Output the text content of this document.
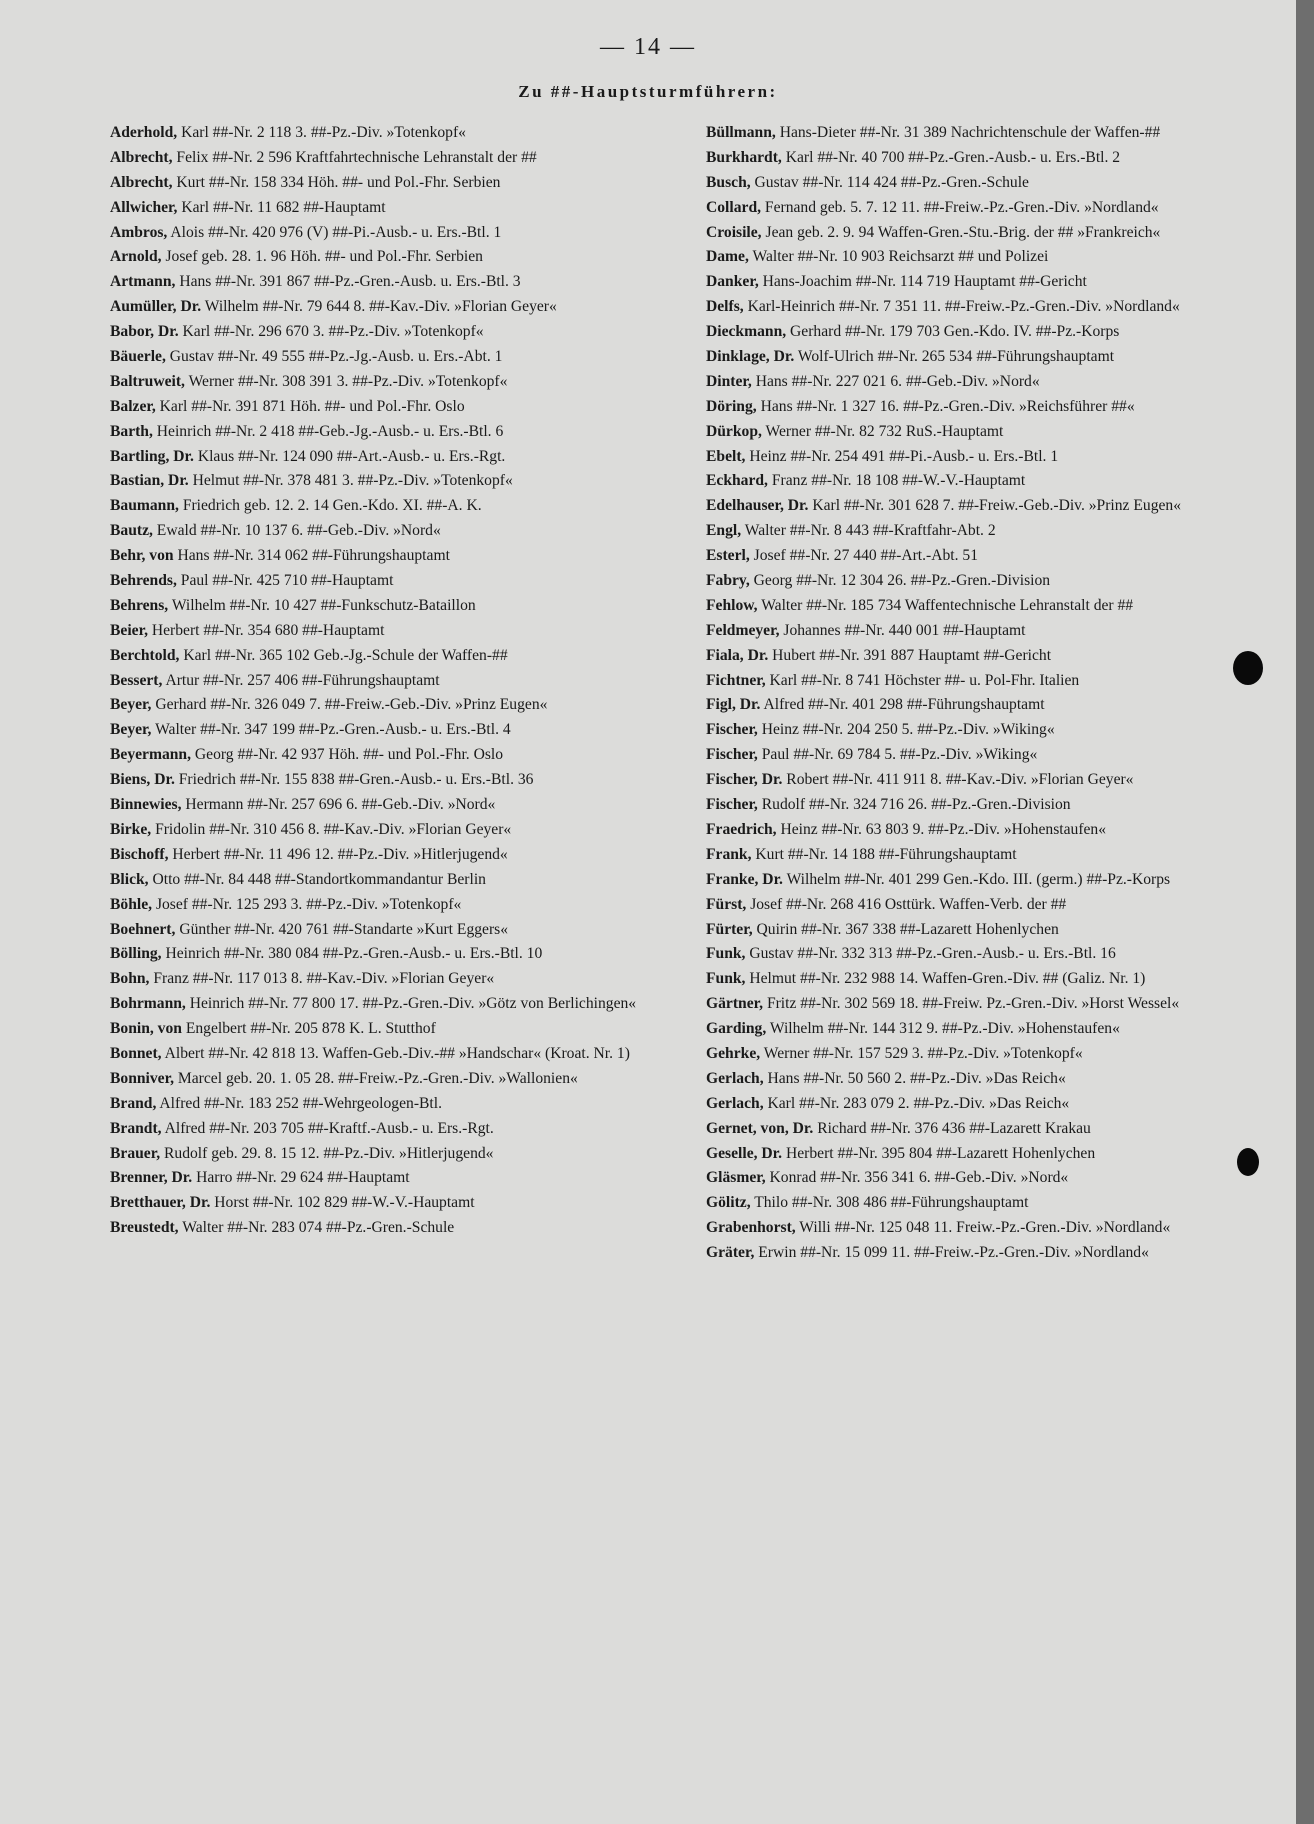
— 14 —
Zu ##-Hauptsturmführern:
Aderhold, Karl ##-Nr. 2 118 3. ##-Pz.-Div. »Totenkopf«
Albrecht, Felix ##-Nr. 2 596 Kraftfahrtechnische Lehranstalt der ##
Albrecht, Kurt ##-Nr. 158 334 Höh. ##- und Pol.-Fhr. Serbien
Allwicher, Karl ##-Nr. 11 682 ##-Hauptamt
Ambros, Alois ##-Nr. 420 976 (V) ##-Pi.-Ausb.- u. Ers.-Btl. 1
Arnold, Josef geb. 28. 1. 96 Höh. ##- und Pol.-Fhr. Serbien
Artmann, Hans ##-Nr. 391 867 ##-Pz.-Gren.-Ausb. u. Ers.-Btl. 3
Aumüller, Dr. Wilhelm ##-Nr. 79 644 8. ##-Kav.-Div. »Florian Geyer«
Babor, Dr. Karl ##-Nr. 296 670 3. ##-Pz.-Div. »Totenkopf«
Bäuerle, Gustav ##-Nr. 49 555 ##-Pz.-Jg.-Ausb. u. Ers.-Abt. 1
Baltruweit, Werner ##-Nr. 308 391 3. ##-Pz.-Div. »Totenkopf«
Balzer, Karl ##-Nr. 391 871 Höh. ##- und Pol.-Fhr. Oslo
Barth, Heinrich ##-Nr. 2 418 ##-Geb.-Jg.-Ausb.- u. Ers.-Btl. 6
Bartling, Dr. Klaus ##-Nr. 124 090 ##-Art.-Ausb.- u. Ers.-Rgt.
Bastian, Dr. Helmut ##-Nr. 378 481 3. ##-Pz.-Div. »Totenkopf«
Baumann, Friedrich geb. 12. 2. 14 Gen.-Kdo. XI. ##-A. K.
Bautz, Ewald ##-Nr. 10 137 6. ##-Geb.-Div. »Nord«
Behr, von Hans ##-Nr. 314 062 ##-Führungshauptamt
Behrends, Paul ##-Nr. 425 710 ##-Hauptamt
Behrens, Wilhelm ##-Nr. 10 427 ##-Funkschutz-Bataillon
Beier, Herbert ##-Nr. 354 680 ##-Hauptamt
Berchtold, Karl ##-Nr. 365 102 Geb.-Jg.-Schule der Waffen-##
Bessert, Artur ##-Nr. 257 406 ##-Führungshauptamt
Beyer, Gerhard ##-Nr. 326 049 7. ##-Freiw.-Geb.-Div. »Prinz Eugen«
Beyer, Walter ##-Nr. 347 199 ##-Pz.-Gren.-Ausb.- u. Ers.-Btl. 4
Beyermann, Georg ##-Nr. 42 937 Höh. ##- und Pol.-Fhr. Oslo
Biens, Dr. Friedrich ##-Nr. 155 838 ##-Gren.-Ausb.- u. Ers.-Btl. 36
Binnewies, Hermann ##-Nr. 257 696 6. ##-Geb.-Div. »Nord«
Birke, Fridolin ##-Nr. 310 456 8. ##-Kav.-Div. »Florian Geyer«
Bischoff, Herbert ##-Nr. 11 496 12. ##-Pz.-Div. »Hitlerjugend«
Blick, Otto ##-Nr. 84 448 ##-Standortkommandantur Berlin
Böhle, Josef ##-Nr. 125 293 3. ##-Pz.-Div. »Totenkopf«
Boehnert, Günther ##-Nr. 420 761 ##-Standarte »Kurt Eggers«
Bölling, Heinrich ##-Nr. 380 084 ##-Pz.-Gren.-Ausb.- u. Ers.-Btl. 10
Bohn, Franz ##-Nr. 117 013 8. ##-Kav.-Div. »Florian Geyer«
Bohrmann, Heinrich ##-Nr. 77 800 17. ##-Pz.-Gren.-Div. »Götz von Berlichingen«
Bonin, von Engelbert ##-Nr. 205 878 K. L. Stutthof
Bonnet, Albert ##-Nr. 42 818 13. Waffen-Geb.-Div.-## »Handschar« (Kroat. Nr. 1)
Bonniver, Marcel geb. 20. 1. 05 28. ##-Freiw.-Pz.-Gren.-Div. »Wallonien«
Brand, Alfred ##-Nr. 183 252 ##-Wehrgeologen-Btl.
Brandt, Alfred ##-Nr. 203 705 ##-Kraftf.-Ausb.- u. Ers.-Rgt.
Brauer, Rudolf geb. 29. 8. 15 12. ##-Pz.-Div. »Hitlerjugend«
Brenner, Dr. Harro ##-Nr. 29 624 ##-Hauptamt
Bretthauer, Dr. Horst ##-Nr. 102 829 ##-W.-V.-Hauptamt
Breustedt, Walter ##-Nr. 283 074 ##-Pz.-Gren.-Schule
Büllmann, Hans-Dieter ##-Nr. 31 389 Nachrichtenschule der Waffen-##
Burkhardt, Karl ##-Nr. 40 700 ##-Pz.-Gren.-Ausb.- u. Ers.-Btl. 2
Busch, Gustav ##-Nr. 114 424 ##-Pz.-Gren.-Schule
Collard, Fernand geb. 5. 7. 12 11. ##-Freiw.-Pz.-Gren.-Div. »Nordland«
Croisile, Jean geb. 2. 9. 94 Waffen-Gren.-Stu.-Brig. der ## »Frankreich«
Dame, Walter ##-Nr. 10 903 Reichsarzt ## und Polizei
Danker, Hans-Joachim ##-Nr. 114 719 Hauptamt ##-Gericht
Delfs, Karl-Heinrich ##-Nr. 7 351 11. ##-Freiw.-Pz.-Gren.-Div. »Nordland«
Dieckmann, Gerhard ##-Nr. 179 703 Gen.-Kdo. IV. ##-Pz.-Korps
Dinklage, Dr. Wolf-Ulrich ##-Nr. 265 534 ##-Führungshauptamt
Dinter, Hans ##-Nr. 227 021 6. ##-Geb.-Div. »Nord«
Döring, Hans ##-Nr. 1 327 16. ##-Pz.-Gren.-Div. »Reichsführer ##«
Dürkop, Werner ##-Nr. 82 732 RuS.-Hauptamt
Ebelt, Heinz ##-Nr. 254 491 ##-Pi.-Ausb.- u. Ers.-Btl. 1
Eckhard, Franz ##-Nr. 18 108 ##-W.-V.-Hauptamt
Edelhauser, Dr. Karl ##-Nr. 301 628 7. ##-Freiw.-Geb.-Div. »Prinz Eugen«
Engl, Walter ##-Nr. 8 443 ##-Kraftfahr-Abt. 2
Esterl, Josef ##-Nr. 27 440 ##-Art.-Abt. 51
Fabry, Georg ##-Nr. 12 304 26. ##-Pz.-Gren.-Division
Fehlow, Walter ##-Nr. 185 734 Waffentechnische Lehranstalt der ##
Feldmeyer, Johannes ##-Nr. 440 001 ##-Hauptamt
Fiala, Dr. Hubert ##-Nr. 391 887 Hauptamt ##-Gericht
Fichtner, Karl ##-Nr. 8 741 Höchster ##- u. Pol-Fhr. Italien
Figl, Dr. Alfred ##-Nr. 401 298 ##-Führungshauptamt
Fischer, Heinz ##-Nr. 204 250 5. ##-Pz.-Div. »Wiking«
Fischer, Paul ##-Nr. 69 784 5. ##-Pz.-Div. »Wiking«
Fischer, Dr. Robert ##-Nr. 411 911 8. ##-Kav.-Div. »Florian Geyer«
Fischer, Rudolf ##-Nr. 324 716 26. ##-Pz.-Gren.-Division
Fraedrich, Heinz ##-Nr. 63 803 9. ##-Pz.-Div. »Hohenstaufen«
Frank, Kurt ##-Nr. 14 188 ##-Führungshauptamt
Franke, Dr. Wilhelm ##-Nr. 401 299 Gen.-Kdo. III. (germ.) ##-Pz.-Korps
Fürst, Josef ##-Nr. 268 416 Osttürk. Waffen-Verb. der ##
Fürter, Quirin ##-Nr. 367 338 ##-Lazarett Hohenlychen
Funk, Gustav ##-Nr. 332 313 ##-Pz.-Gren.-Ausb.- u. Ers.-Btl. 16
Funk, Helmut ##-Nr. 232 988 14. Waffen-Gren.-Div. ## (Galiz. Nr. 1)
Gärtner, Fritz ##-Nr. 302 569 18. ##-Freiw. Pz.-Gren.-Div. »Horst Wessel«
Garding, Wilhelm ##-Nr. 144 312 9. ##-Pz.-Div. »Hohenstaufen«
Gehrke, Werner ##-Nr. 157 529 3. ##-Pz.-Div. »Totenkopf«
Gerlach, Hans ##-Nr. 50 560 2. ##-Pz.-Div. »Das Reich«
Gerlach, Karl ##-Nr. 283 079 2. ##-Pz.-Div. »Das Reich«
Gernet, von, Dr. Richard ##-Nr. 376 436 ##-Lazarett Krakau
Geselle, Dr. Herbert ##-Nr. 395 804 ##-Lazarett Hohenlychen
Gläsmer, Konrad ##-Nr. 356 341 6. ##-Geb.-Div. »Nord«
Gölitz, Thilo ##-Nr. 308 486 ##-Führungshauptamt
Grabenhorst, Willi ##-Nr. 125 048 11. Freiw.-Pz.-Gren.-Div. »Nordland«
Gräter, Erwin ##-Nr. 15 099 11. ##-Freiw.-Pz.-Gren.-Div. »Nordland«
